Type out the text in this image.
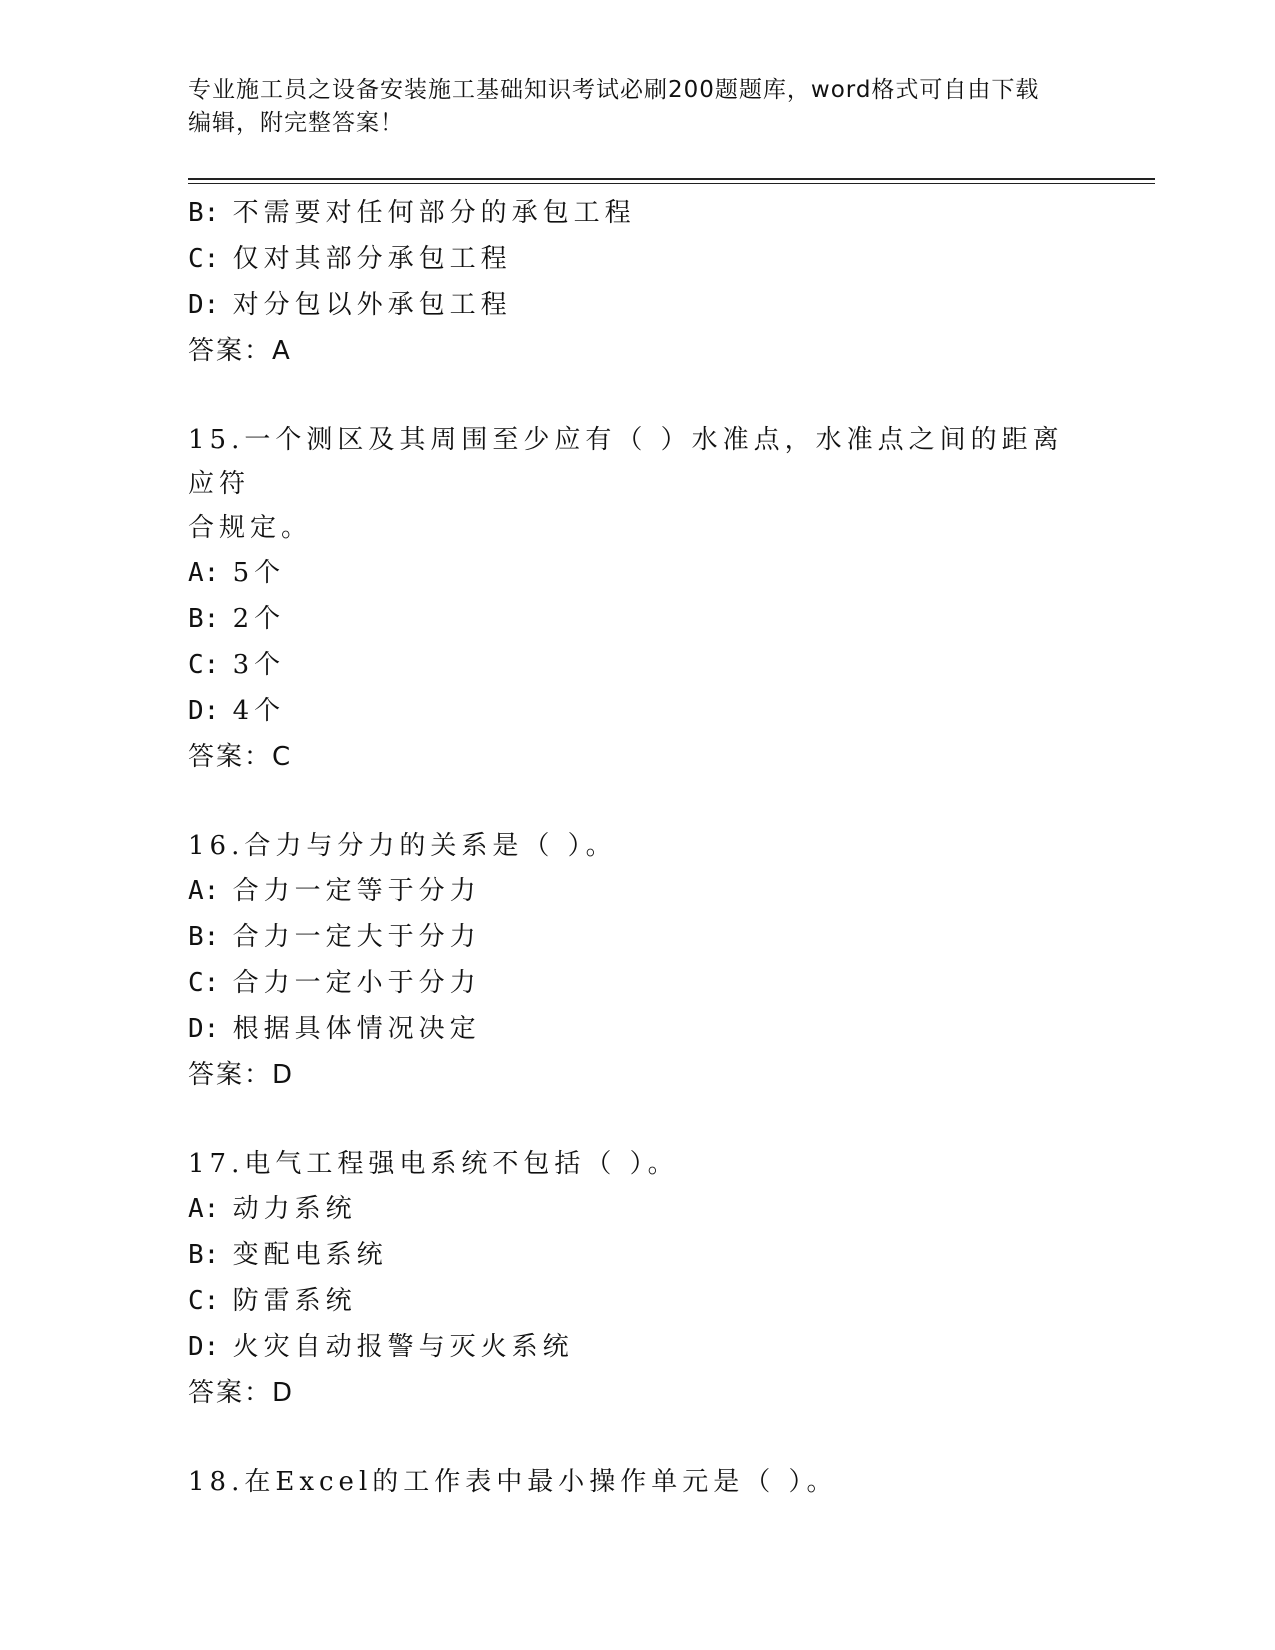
专业施工员之设备安装施工基础知识考试必刷200题题库，word格式可自由下载
编辑，附完整答案！
B: 不需要对任何部分的承包工程
C: 仅对其部分承包工程
D: 对分包以外承包工程
答案：A
15.一个测区及其周围至少应有（ ）水准点，水准点之间的距离应符
合规定。
A: 5个
B: 2个
C: 3个
D: 4个
答案：C
16.合力与分力的关系是（ ）。
A: 合力一定等于分力
B: 合力一定大于分力
C: 合力一定小于分力
D: 根据具体情况决定
答案：D
17.电气工程强电系统不包括（ ）。
A: 动力系统
B: 变配电系统
C: 防雷系统
D: 火灾自动报警与灭火系统
答案：D
18.在Excel的工作表中最小操作单元是（ ）。
